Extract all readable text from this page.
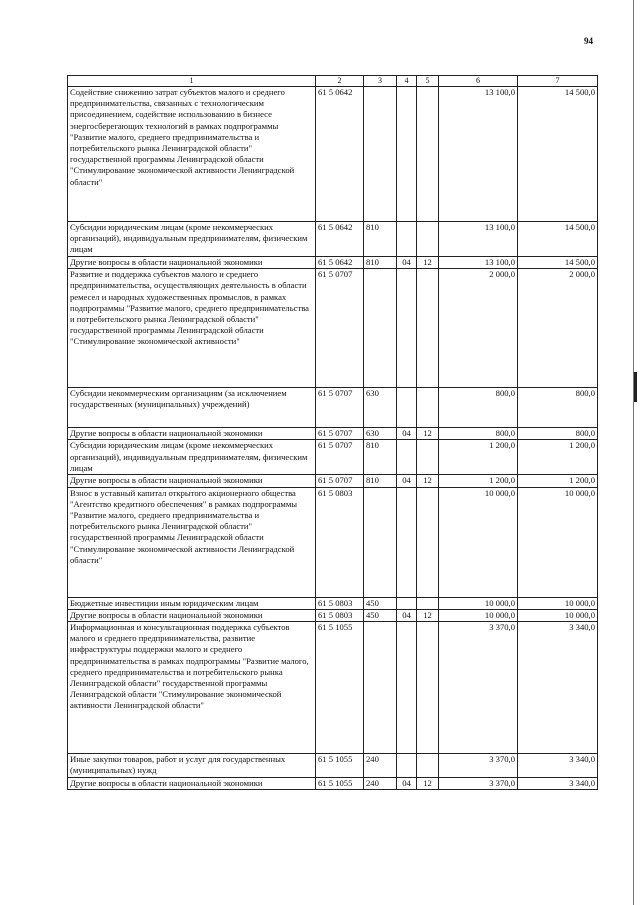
94
1	2	3	4	5	6	7
Содействие снижению затрат субъектов малого и среднего предпринимательства, связанных с технологическим присоединением, содействие использованию в бизнесе энергосберегающих технологий в рамках подпрограммы "Развитие малого, среднего предпринимательства и потребительского рынка Ленинградской области" государственной программы Ленинградской области "Стимулирование экономической активности Ленинградской области"	61 5 0642				13 100,0	14 500,0
Субсидии юридическим лицам (кроме некоммерческих организаций), индивидуальным предпринимателям, физическим лицам	61 5 0642	810			13 100,0	14 500,0
Другие вопросы в области национальной экономики	61 5 0642	810	04	12	13 100,0	14 500,0
Развитие и поддержка субъектов малого и среднего предпринимательства, осуществляющих деятельность в области ремесел и народных художественных промыслов, в рамках подпрограммы "Развитие малого, среднего предпринимательства и потребительского рынка Ленинградской области" государственной программы Ленинградской области "Стимулирование экономической активности"	61 5 0707				2 000,0	2 000,0
Субсидии некоммерческим организациям (за исключением государственных (муниципальных) учреждений)	61 5 0707	630			800,0	800,0
Другие вопросы в области национальной экономики	61 5 0707	630	04	12	800,0	800,0
Субсидии юридическим лицам (кроме некоммерческих организаций), индивидуальным предпринимателям, физическим лицам	61 5 0707	810			1 200,0	1 200,0
Другие вопросы в области национальной экономики	61 5 0707	810	04	12	1 200,0	1 200,0
Взнос в уставный капитал открытого акционерного общества "Агентство кредитного обеспечения" в рамках подпрограммы "Развитие малого, среднего предпринимательства и потребительского рынка Ленинградской области" государственной программы Ленинградской области "Стимулирование экономической активности Ленинградской области"	61 5 0803				10 000,0	10 000,0
Бюджетные инвестиции иным юридическим лицам	61 5 0803	450			10 000,0	10 000,0
Другие вопросы в области национальной экономики	61 5 0803	450	04	12	10 000,0	10 000,0
Информационная и консультационная поддержка субъектов малого и среднего предпринимательства, развитие инфраструктуры поддержки малого и среднего предпринимательства в рамках подпрограммы "Развитие малого, среднего предпринимательства и потребительского рынка Ленинградской области" государственной программы Ленинградской области "Стимулирование экономической активности Ленинградской области"	61 5 1055				3 370,0	3 340,0
Иные закупки товаров, работ и услуг для государственных (муниципальных) нужд	61 5 1055	240			3 370,0	3 340,0
Другие вопросы в области национальной экономики	61 5 1055	240	04	12	3 370,0	3 340,0
